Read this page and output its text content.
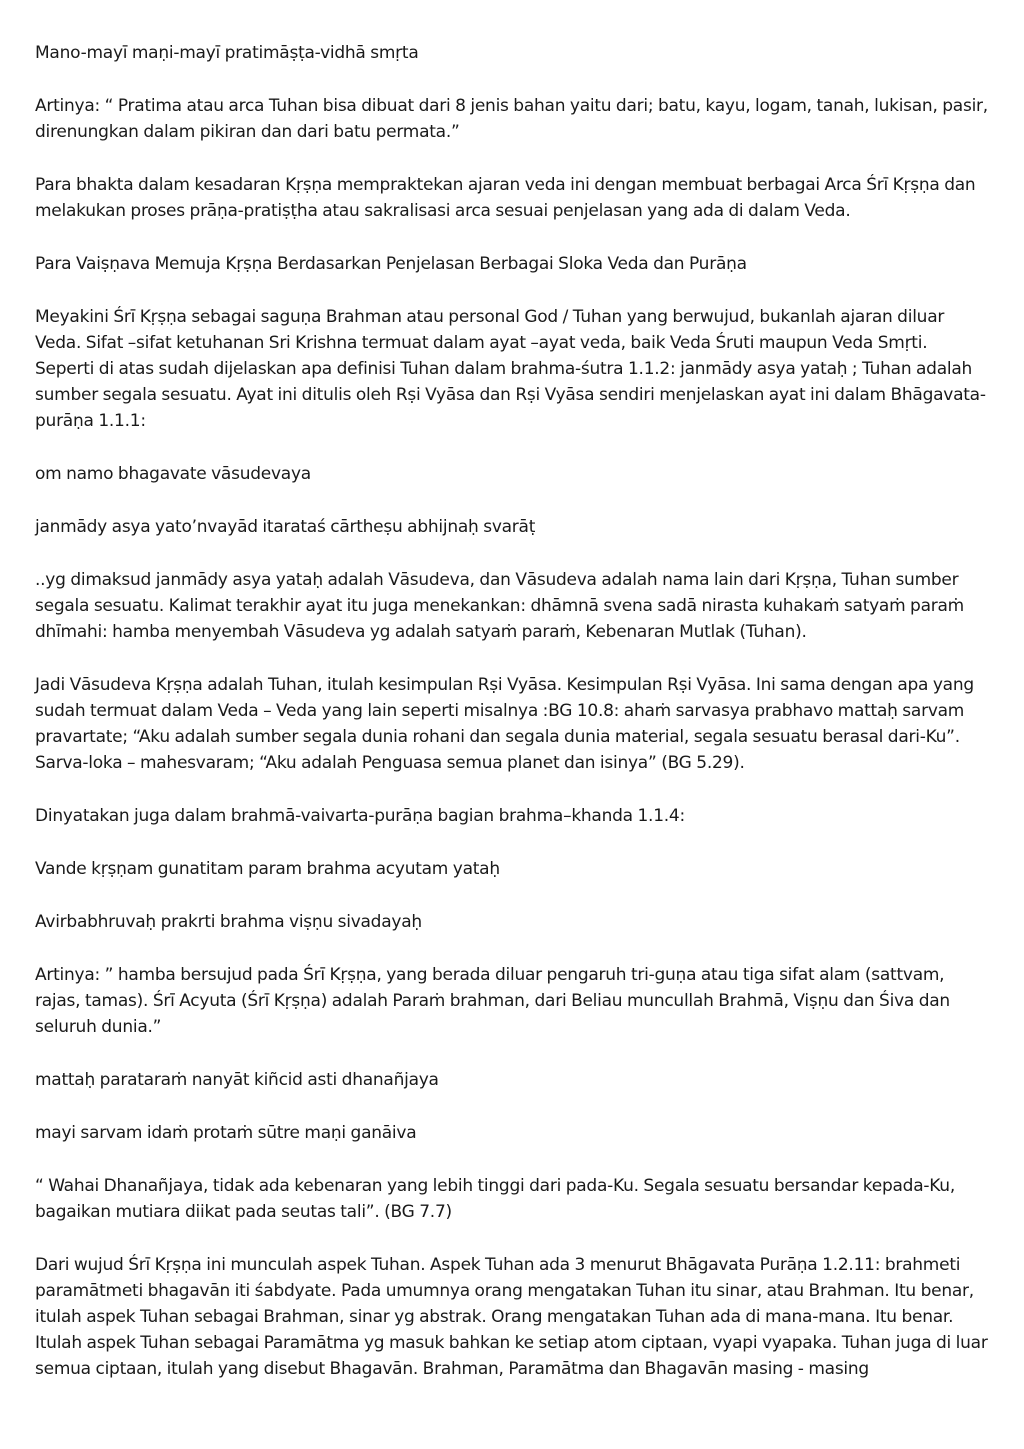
Mano-mayī maṇi-mayī pratimāṣṭa-vidhā smṛta

Artinya: “ Pratima atau arca Tuhan bisa dibuat dari 8 jenis bahan yaitu dari; batu, kayu, logam, tanah, lukisan, pasir, direnungkan dalam pikiran dan dari batu permata.”

Para bhakta dalam kesadaran Kṛṣṇa mempraktekan ajaran veda ini dengan membuat berbagai Arca Śrī Kṛṣṇa dan melakukan proses prāṇa-pratiṣṭha atau sakralisasi arca sesuai penjelasan yang ada di dalam Veda.

Para Vaiṣṇava Memuja Kṛṣṇa Berdasarkan Penjelasan Berbagai Sloka Veda dan Purāṇa

Meyakini Śrī Kṛṣṇa sebagai saguṇa Brahman atau personal God / Tuhan yang berwujud, bukanlah ajaran diluar Veda. Sifat –sifat ketuhanan Sri Krishna termuat dalam ayat –ayat veda, baik Veda Śruti maupun Veda Smṛti. Seperti di atas sudah dijelaskan apa definisi Tuhan dalam brahma-śutra 1.1.2: janmādy asya yataḥ ; Tuhan adalah sumber segala sesuatu. Ayat ini ditulis oleh Rṣi Vyāsa dan Rṣi Vyāsa sendiri menjelaskan ayat ini dalam Bhāgavata-purāṇa 1.1.1:

om namo bhagavate vāsudevaya

janmādy asya yato’nvayād itarataś cārtheṣu abhijnaḥ svarāṭ

..yg dimaksud janmādy asya yataḥ adalah Vāsudeva, dan Vāsudeva adalah nama lain dari Kṛṣṇa, Tuhan sumber segala sesuatu. Kalimat terakhir ayat itu juga menekankan: dhāmnā svena sadā nirasta kuhakaṁ satyaṁ paraṁ dhīmahi: hamba menyembah Vāsudeva yg adalah satyaṁ paraṁ, Kebenaran Mutlak (Tuhan).

Jadi Vāsudeva Kṛṣṇa adalah Tuhan, itulah kesimpulan Rṣi Vyāsa. Kesimpulan Rṣi Vyāsa. Ini sama dengan apa yang sudah termuat dalam Veda – Veda yang lain seperti misalnya :BG 10.8: ahaṁ sarvasya prabhavo mattaḥ sarvam pravartate; “Aku adalah sumber segala dunia rohani dan segala dunia material, segala sesuatu berasal dari-Ku”. Sarva-loka – mahesvaram; “Aku adalah Penguasa semua planet dan isinya” (BG 5.29).

Dinyatakan juga dalam brahmā-vaivarta-purāṇa bagian brahma–khanda 1.1.4:

Vande kṛṣṇam gunatitam param brahma acyutam yataḥ

Avirbabhruvaḥ prakrti brahma viṣṇu sivadayaḥ

Artinya: ” hamba bersujud pada Śrī Kṛṣṇa, yang berada diluar pengaruh tri-guṇa atau tiga sifat alam (sattvam, rajas, tamas). Śrī Acyuta (Śrī Kṛṣṇa) adalah Paraṁ brahman, dari Beliau muncullah Brahmā, Viṣṇu dan Śiva dan seluruh dunia.”

mattaḥ parataraṁ nanyāt kiñcid asti dhanañjaya

mayi sarvam idaṁ protaṁ sūtre maṇi ganāiva

“ Wahai Dhanañjaya, tidak ada kebenaran yang lebih tinggi dari pada-Ku. Segala sesuatu bersandar kepada-Ku, bagaikan mutiara diikat pada seutas tali”. (BG 7.7)

Dari wujud Śrī Kṛṣṇa ini munculah aspek Tuhan. Aspek Tuhan ada 3 menurut Bhāgavata Purāṇa 1.2.11: brahmeti paramātmeti bhagavān iti śabdyate. Pada umumnya orang mengatakan Tuhan itu sinar, atau Brahman. Itu benar, itulah aspek Tuhan sebagai Brahman, sinar yg abstrak. Orang mengatakan Tuhan ada di mana-mana. Itu benar. Itulah aspek Tuhan sebagai Paramātma yg masuk bahkan ke setiap atom ciptaan, vyapi vyapaka. Tuhan juga di luar semua ciptaan, itulah yang disebut Bhagavān. Brahman, Paramātma dan Bhagavān masing - masing
